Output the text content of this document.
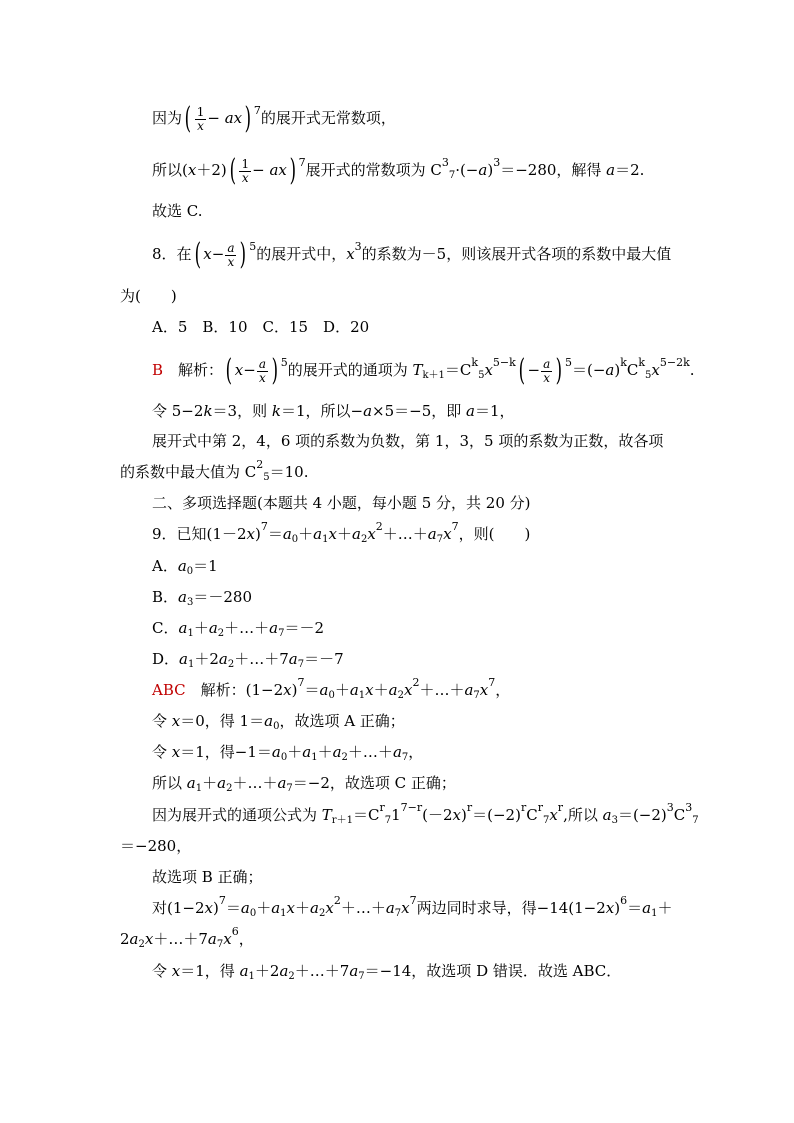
因为( $\frac{1}{x} - ax$) $^7$的展开式无常数项，
所以$(x+2)( \frac{1}{x} - ax)$ $^7$展开式的常数项为 $C^3_7\cdot(-a)^3=-280$，解得 a＝2.
故选 C.
8．在( $x- \frac{a}{x}$ ) $^5$的展开式中，$x^3$的系数为－5，则该展开式各项的系数中最大值
为(　　)
A．5　B．10　C．15　D．20
B　解析：( $x- \frac{a}{x}$ ) $^5$的展开式的通项为 $T_{k+1}=C^k_5x^{5-k}( - \frac{a}{x}$ ) $^5=(-a)^kC^k_5x^{5-2k}$.
令 5−2k＝3，则 k＝1，所以−a×5＝−5，即 a＝1，
展开式中第 2，4，6 项的系数为负数，第 1，3，5 项的系数为正数，故各项
的系数中最大值为 $C^2_5=10$.
二、多项选择题(本题共 4 小题，每小题 5 分，共 20 分)
9．已知$(1-2x)^7=a_0+a_1x+a_2x^2+\dots+a_7x^7$，则(　　)
A．$a_0=1$
B．$a_3=-280$
C．$a_1+a_2+\dots+a_7=-2$
D．$a_1+2a_2+\dots+7a_7=-7$
ABC　解析：$(1-2x)^7=a_0+a_1x+a_2x^2+\dots+a_7x^7$，
令 x＝0，得 $1=a_0$，故选项 A 正确；
令 x＝1，得$-1=a_0+a_1+a_2+\dots+a_7$，
所以 $a_1+a_2+\dots+a_7=-2$，故选项 C 正确；
因为展开式的通项公式为 $T_{r+1}=C^r_71^{7-r}(-2x)^r=(-2)^rC^r_7x^r$,所以 $a_3=(-2)^3C^3_7$
＝−280，
故选项 B 正确；
对$(1-2x)^7=a_0+a_1x+a_2x^2+\dots+a_7x^7$两边同时求导，得$-14(1-2x)^6=a_1+$
$2a_2x+\dots+7a_7x^6$，
令 x＝1，得 $a_1+2a_2+\dots+7a_7=-14$，故选项 D 错误．故选 ABC．
